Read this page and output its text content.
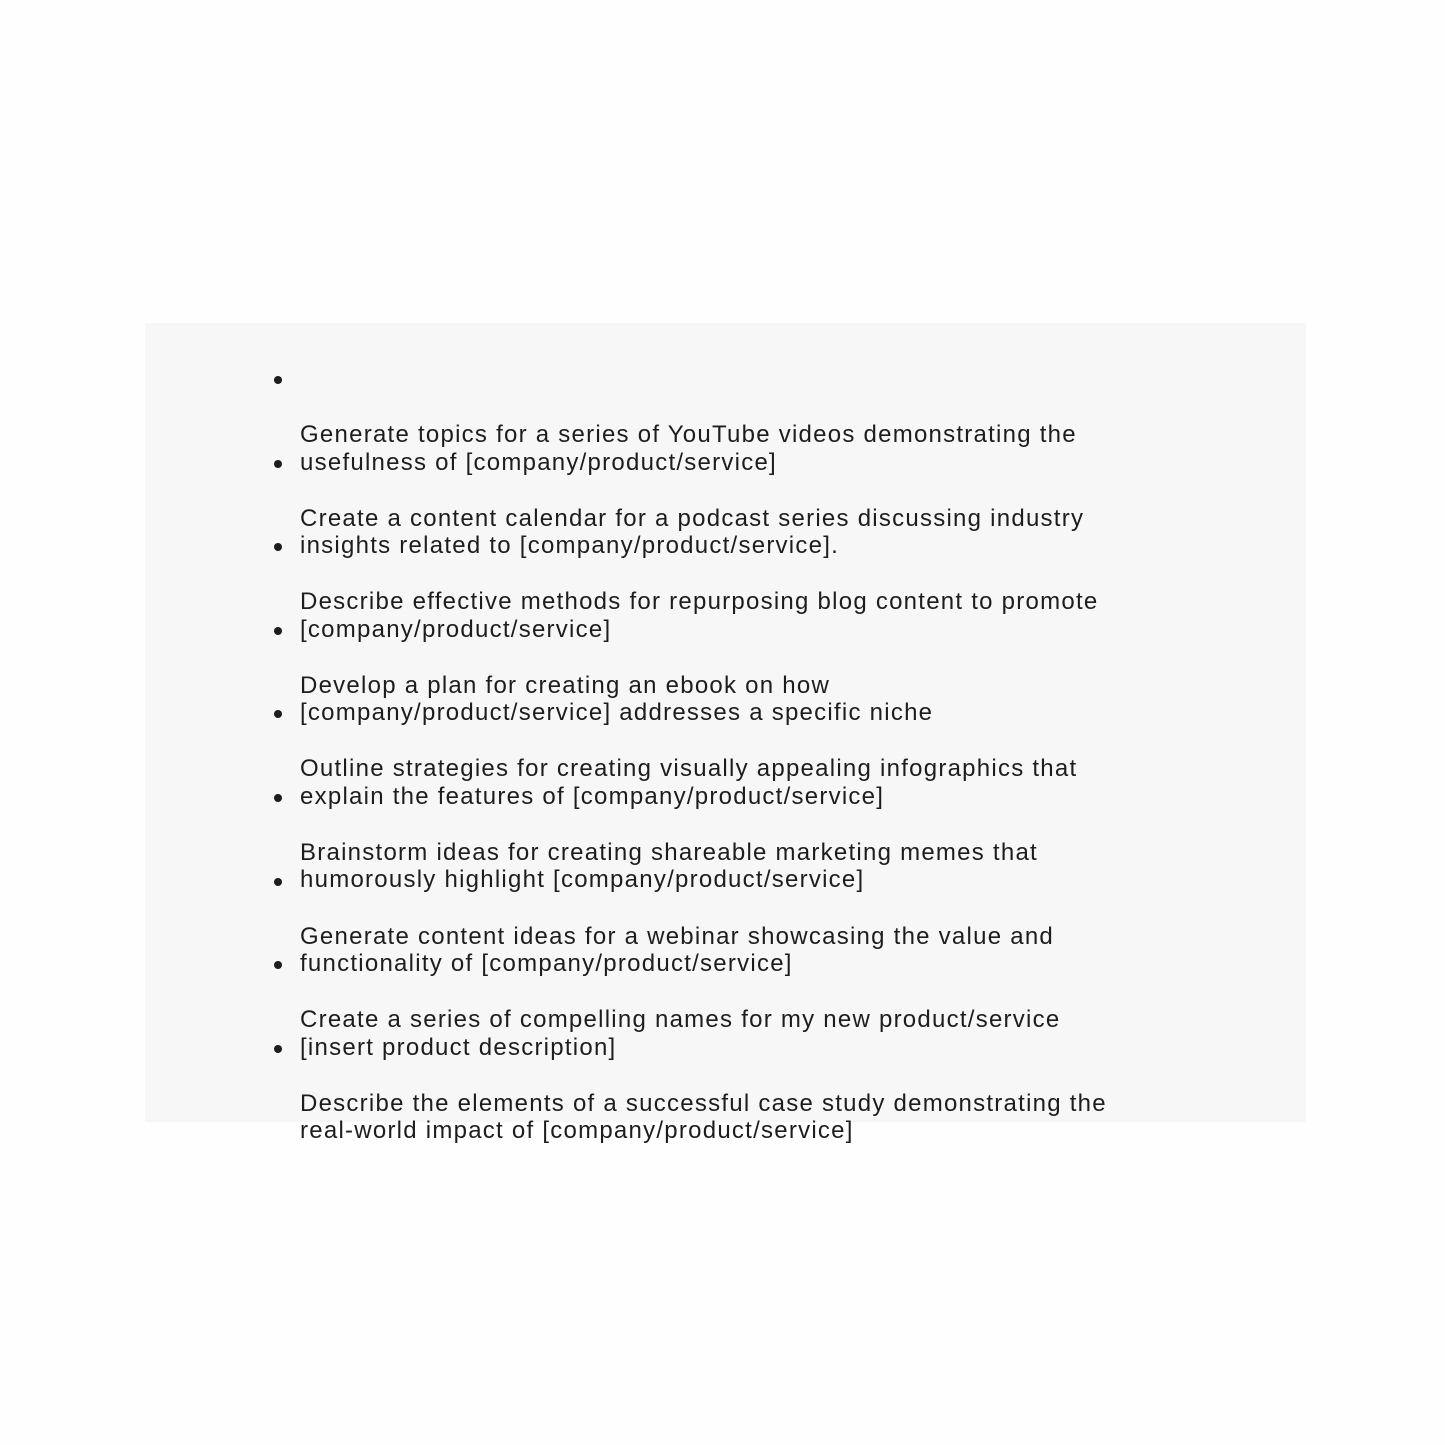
Generate topics for a series of YouTube videos demonstrating the
usefulness of [company/product/service]

Create a content calendar for a podcast series discussing industry
insights related to [company/product/service].

Describe effective methods for repurposing blog content to promote
[company/product/service]

Develop a plan for creating an ebook on how
[company/product/service] addresses a specific niche

Outline strategies for creating visually appealing infographics that
explain the features of [company/product/service]

Brainstorm ideas for creating shareable marketing memes that
humorously highlight [company/product/service]

Generate content ideas for a webinar showcasing the value and
functionality of [company/product/service]

Create a series of compelling names for my new product/service
[insert product description]

Describe the elements of a successful case study demonstrating the
real-world impact of [company/product/service]
